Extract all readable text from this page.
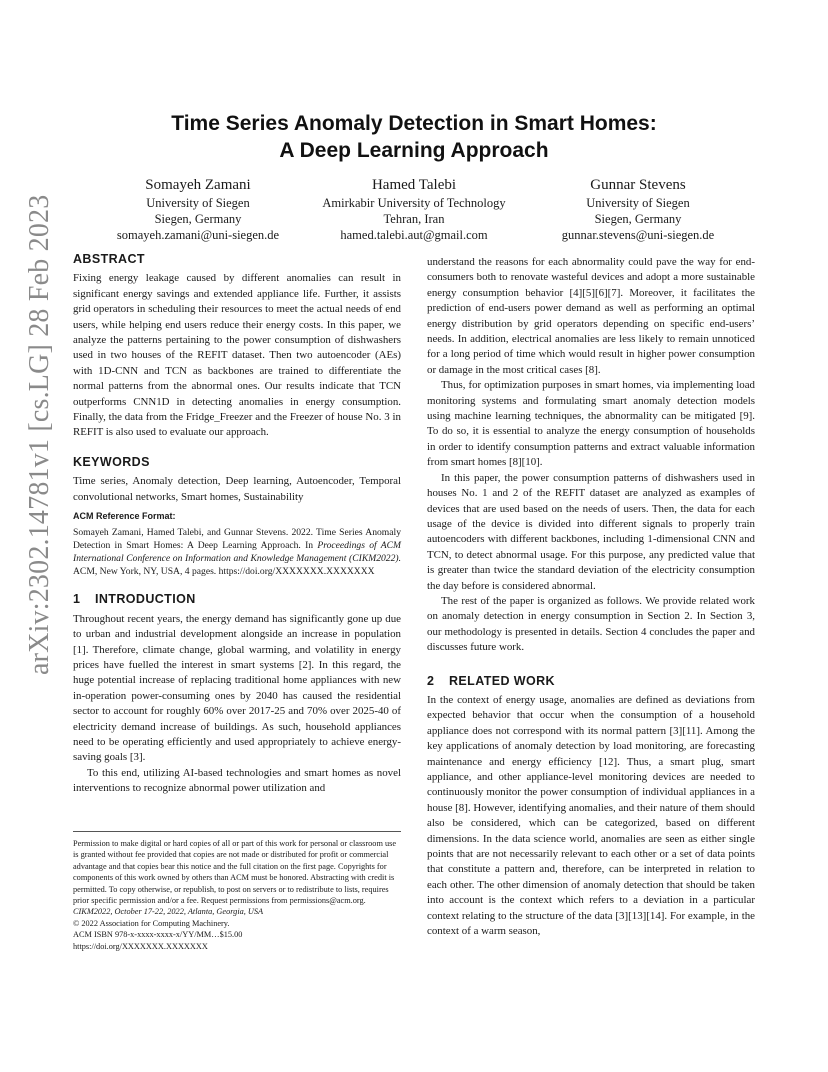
arXiv:2302.14781v1 [cs.LG] 28 Feb 2023
Time Series Anomaly Detection in Smart Homes:
A Deep Learning Approach
Somayeh Zamani
University of Siegen
Siegen, Germany
somayeh.zamani@uni-siegen.de
Hamed Talebi
Amirkabir University of Technology
Tehran, Iran
hamed.talebi.aut@gmail.com
Gunnar Stevens
University of Siegen
Siegen, Germany
gunnar.stevens@uni-siegen.de
ABSTRACT

Fixing energy leakage caused by different anomalies can result in significant energy savings and extended appliance life. Further, it assists grid operators in scheduling their resources to meet the actual needs of end users, while helping end users reduce their energy costs. In this paper, we analyze the patterns pertaining to the power consumption of dishwashers used in two houses of the REFIT dataset. Then two autoencoder (AEs) with 1D-CNN and TCN as backbones are trained to differentiate the normal patterns from the abnormal ones. Our results indicate that TCN outperforms CNN1D in detecting anomalies in energy consumption. Finally, the data from the Fridge_Freezer and the Freezer of house No. 3 in REFIT is also used to evaluate our approach.

KEYWORDS

Time series, Anomaly detection, Deep learning, Autoencoder, Temporal convolutional networks, Smart homes, Sustainability

ACM Reference Format:

Somayeh Zamani, Hamed Talebi, and Gunnar Stevens. 2022. Time Series Anomaly Detection in Smart Homes: A Deep Learning Approach. In Proceedings of ACM International Conference on Information and Knowledge Management (CIKM2022). ACM, New York, NY, USA, 4 pages. https://doi.org/XXXXXXX.XXXXXXX

1 INTRODUCTION

Throughout recent years, the energy demand has significantly gone up due to urban and industrial development alongside an increase in population [1]. Therefore, climate change, global warming, and volatility in energy prices have fuelled the interest in smart systems [2]. In this regard, the huge potential increase of replacing traditional home appliances with new in-operation power-consuming ones by 2040 has caused the residential sector to account for roughly 60% over 2017-25 and 70% over 2025-40 of electricity demand increase of buildings. As such, household appliances need to be operating efficiently and used appropriately to achieve energy-saving goals [3].

To this end, utilizing AI-based technologies and smart homes as novel interventions to recognize abnormal power utilization and

Permission to make digital or hard copies of all or part of this work for personal or classroom use is granted without fee provided that copies are not made or distributed for profit or commercial advantage and that copies bear this notice and the full citation on the first page. Copyrights for components of this work owned by others than ACM must be honored. Abstracting with credit is permitted. To copy otherwise, or republish, to post on servers or to redistribute to lists, requires prior specific permission and/or a fee. Request permissions from permissions@acm.org.

CIKM2022, October 17-22, 2022, Atlanta, Georgia, USA

© 2022 Association for Computing Machinery.

ACM ISBN 978-x-xxxx-xxxx-x/YY/MM…$15.00

https://doi.org/XXXXXXX.XXXXXXX

understand the reasons for each abnormality could pave the way for end-consumers both to renovate wasteful devices and adopt a more sustainable energy consumption behavior [4][5][6][7]. Moreover, it facilitates the prediction of end-users power demand as well as performing an optimal energy distribution by grid operators depending on specific end-users’ needs. In addition, electrical anomalies are less likely to remain unnoticed for a long period of time which would result in higher power consumption or damage in the most critical cases [8].

Thus, for optimization purposes in smart homes, via implementing load monitoring systems and formulating smart anomaly detection models using machine learning techniques, the abnormality can be mitigated [9]. To do so, it is essential to analyze the energy consumption of households in order to identify consumption patterns and extract valuable information from smart homes [8][10].

In this paper, the power consumption patterns of dishwashers used in houses No. 1 and 2 of the REFIT dataset are analyzed as examples of devices that are used based on the needs of users. Then, the data for each usage of the device is divided into different signals to properly train autoencoders with different backbones, including 1-dimensional CNN and TCN, to detect abnormal usage. For this purpose, any predicted value that is greater than twice the standard deviation of the electricity consumption the day before is considered abnormal.

The rest of the paper is organized as follows. We provide related work on anomaly detection in energy consumption in Section 2. In Section 3, our methodology is presented in details. Section 4 concludes the paper and discusses future work.

2 RELATED WORK

In the context of energy usage, anomalies are defined as deviations from expected behavior that occur when the consumption of a household appliance does not correspond with its normal pattern [3][11]. Among the key applications of anomaly detection by load monitoring, are forecasting maintenance and energy efficiency [12]. Thus, a smart plug, smart appliance, and other appliance-level monitoring devices are needed to continuously monitor the power consumption of individual appliances in a house [8]. However, identifying anomalies, and their nature of them should also be considered, which can be categorized, based on different dimensions. In the data science world, anomalies are seen as either single points that are not necessarily relevant to each other or a set of data points that constitute a pattern and, therefore, can be interpreted in relation to each other. The other dimension of anomaly detection that should be taken into account is the context which refers to a deviation in a particular context relating to the structure of the data [3][13][14]. For example, in the context of a warm season,
